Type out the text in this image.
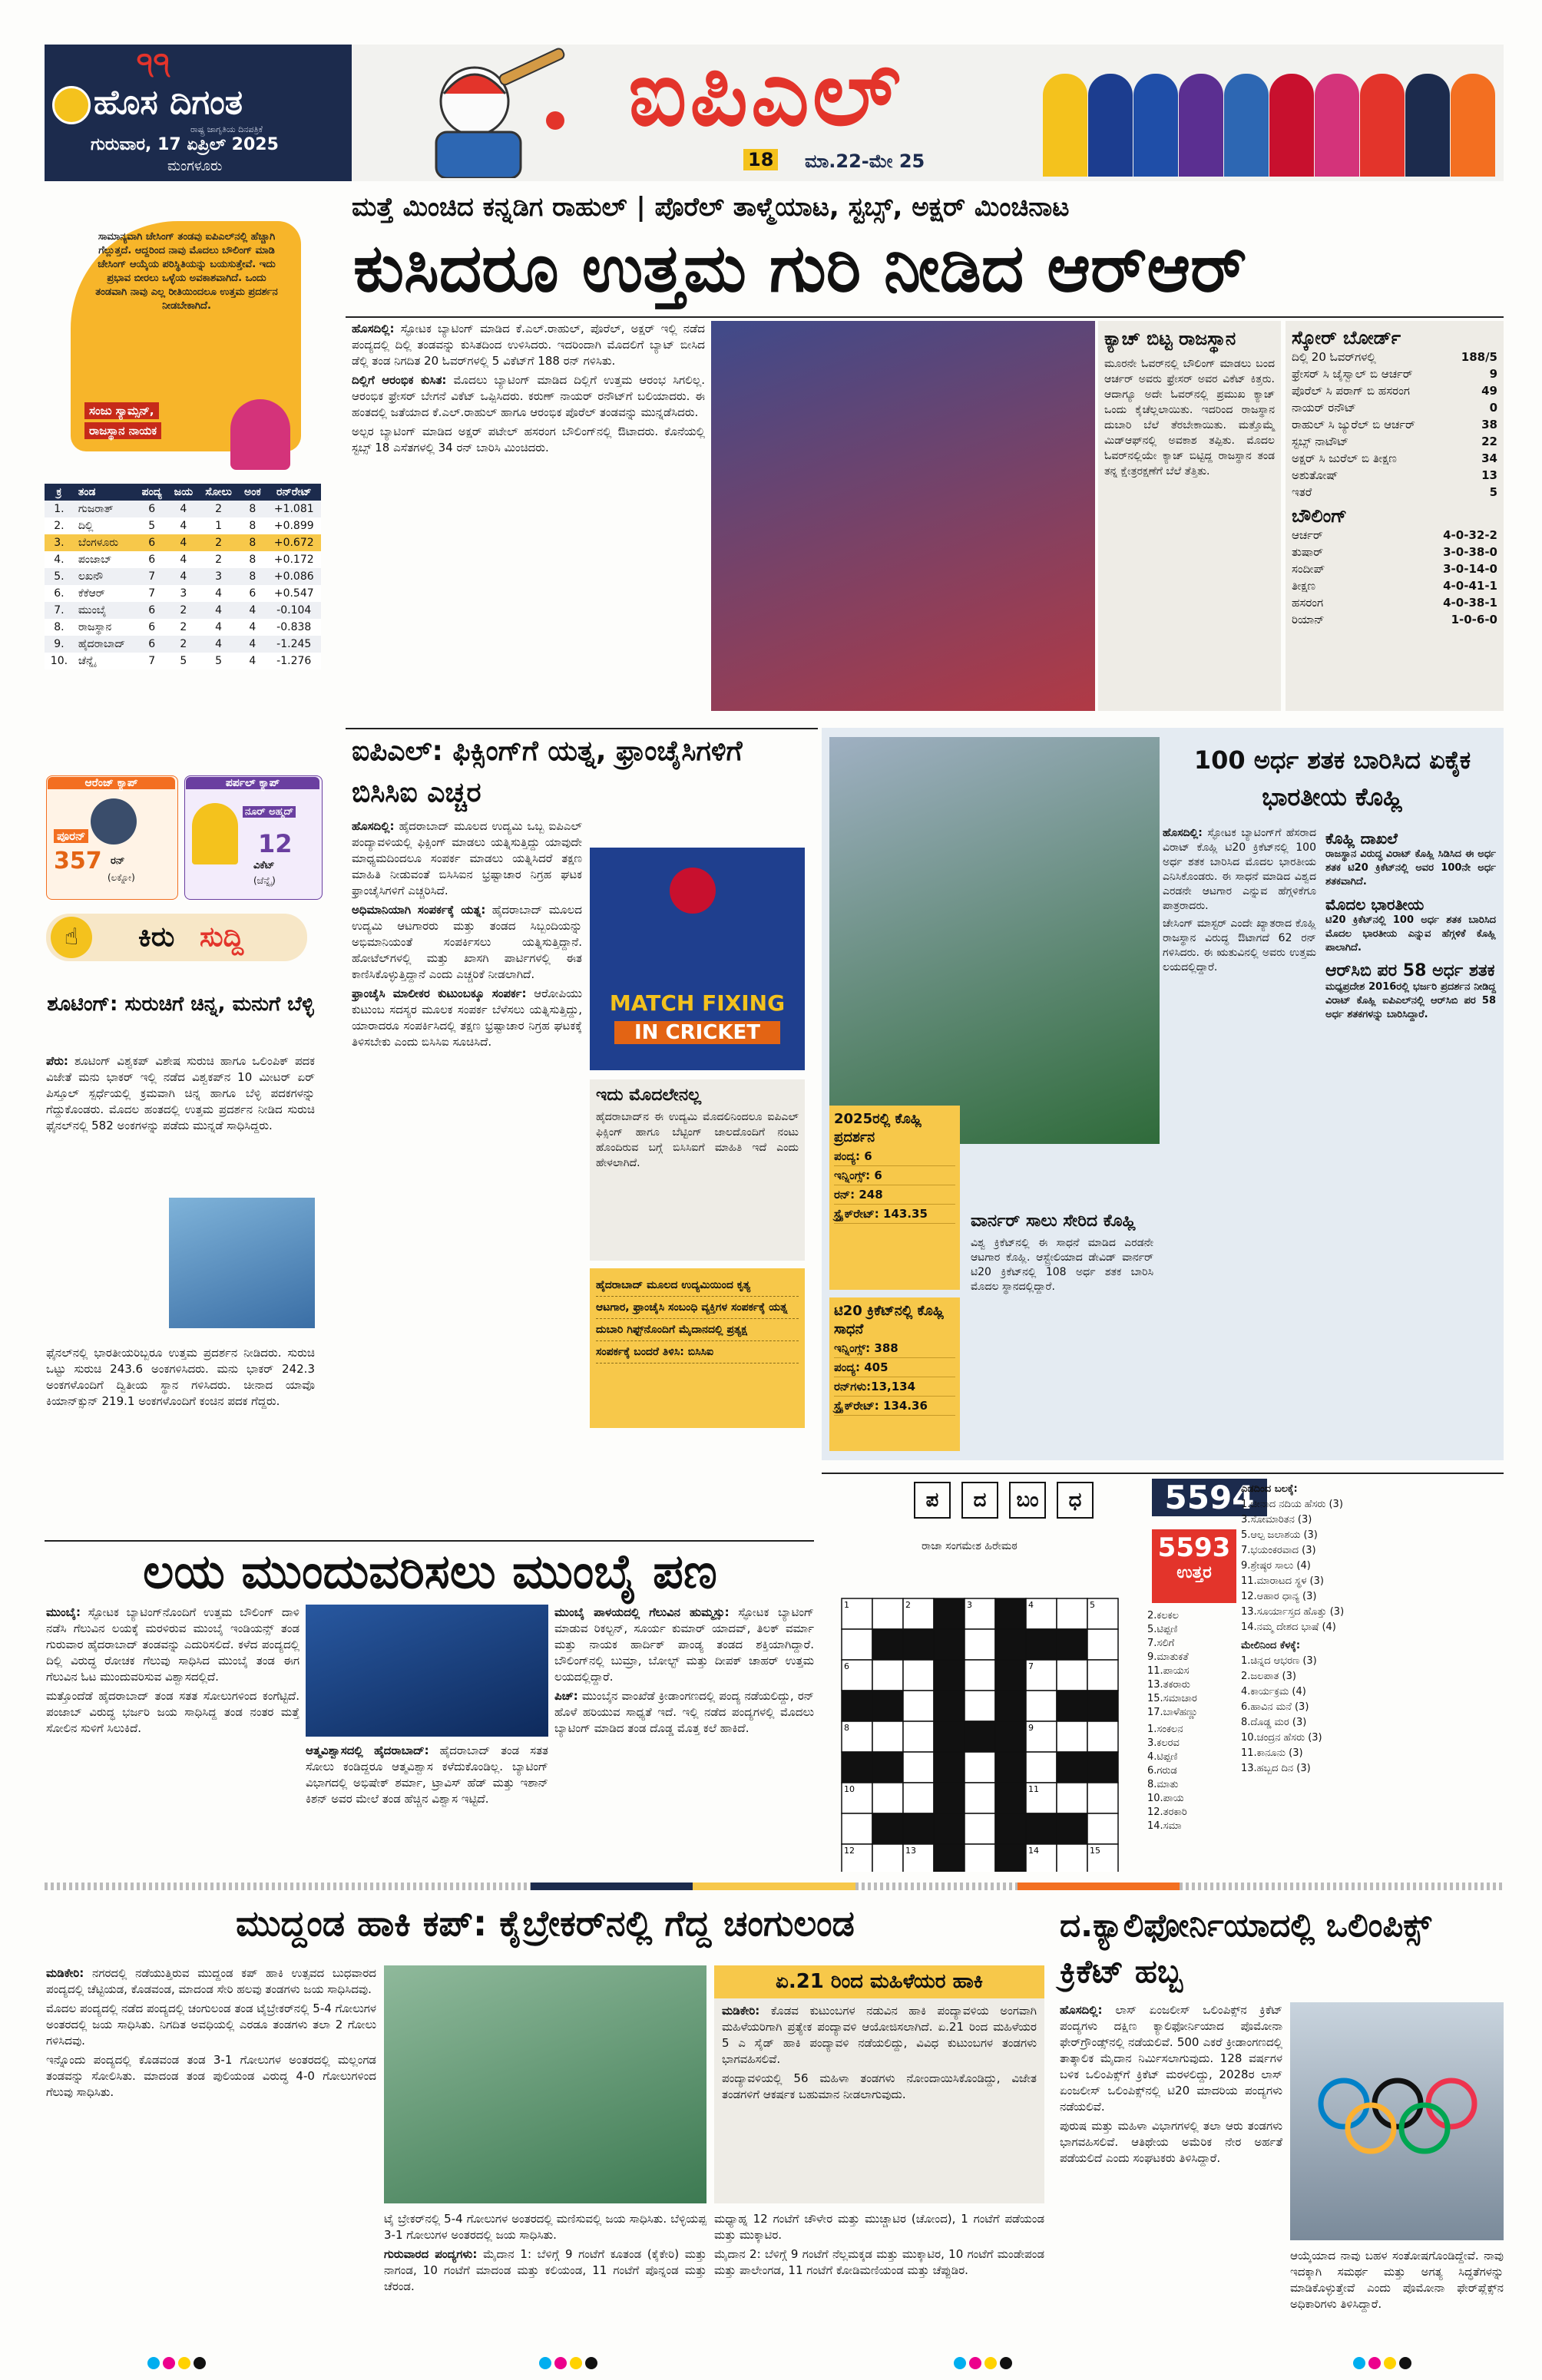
੧੧
ಹೊಸ ದಿಗಂತ
ರಾಷ್ಟ್ರ ಜಾಗೃತಿಯ ದಿನಪತ್ರಿಕೆ
ಗುರುವಾರ, 17 ಏಪ್ರಿಲ್ 2025
ಮಂಗಳೂರು
ಐಪಿಎಲ್
18 ಮಾ.22-ಮೇ 25
ಸಾಮಾನ್ಯವಾಗಿ ಚೇಸಿಂಗ್ ತಂಡವು ಐಪಿಎಲ್‌ನಲ್ಲಿ ಹೆಚ್ಚಾಗಿ ಗೆಲ್ಲುತ್ತದೆ. ಆದ್ದರಿಂದ ನಾವು ಮೊದಲು ಬೌಲಿಂಗ್ ಮಾಡಿ ಚೇಸಿಂಗ್ ಆಯ್ಕೆಯ ಪರಿಸ್ಥಿತಿಯನ್ನು ಬಯಸುತ್ತೇವೆ. ಇದು ಪ್ರಭಾವ ಬೀರಲು ಒಳ್ಳೆಯ ಅವಕಾಶವಾಗಿದೆ. ಒಂದು ತಂಡವಾಗಿ ನಾವು ಎಲ್ಲ ರೀತಿಯಿಂದಲೂ ಉತ್ತಮ ಪ್ರದರ್ಶನ ನೀಡಬೇಕಾಗಿದೆ.
ಸಂಜು ಸ್ಯಾಮ್ಸನ್,
ರಾಜಸ್ಥಾನ ನಾಯಕ
ಕ್ರ	ತಂಡ	ಪಂದ್ಯ	ಜಯ	ಸೋಲು	ಅಂಕ	ರನ್‌ರೇಟ್
1.	ಗುಜರಾತ್	6	4	2	8	+1.081
2.	ದಿಲ್ಲಿ	5	4	1	8	+0.899
3.	ಬೆಂಗಳೂರು	6	4	2	8	+0.672
4.	ಪಂಜಾಬ್	6	4	2	8	+0.172
5.	ಲಖನೌ	7	4	3	8	+0.086
6.	ಕೆಕೆಆರ್	7	3	4	6	+0.547
7.	ಮುಂಬೈ	6	2	4	4	-0.104
8.	ರಾಜಸ್ಥಾನ	6	2	4	4	-0.838
9.	ಹೈದರಾಬಾದ್	6	2	4	4	-1.245
10.	ಚೆನ್ನೈ	7	5	5	4	-1.276
ಆರೆಂಜ್ ಕ್ಯಾಪ್
ಪೂರನ್
357 ರನ್
(ಲಕ್ನೋ)
ಪರ್ಪಲ್ ಕ್ಯಾಪ್
ನೂರ್ ಅಹ್ಮದ್
12
ವಿಕೆಟ್
(ಚೆನ್ನೈ)
☝	ಕಿರು ಸುದ್ದಿ
ಶೂಟಿಂಗ್: ಸುರುಚಿಗೆ ಚಿನ್ನ, ಮನುಗೆ ಬೆಳ್ಳಿ

ಪೆರು: ಶೂಟಿಂಗ್ ವಿಶ್ವಕಪ್ ವಿಶೇಷ ಸುರುಚಿ ಹಾಗೂ ಒಲಿಂಪಿಕ್ ಪದಕ ವಿಜೇತೆ ಮನು ಭಾಕರ್ ಇಲ್ಲಿ ನಡೆದ ವಿಶ್ವಕಪ್‌ನ 10 ಮೀಟರ್ ಏರ್ ಪಿಸ್ತೂಲ್ ಸ್ಪರ್ಧೆಯಲ್ಲಿ ಕ್ರಮವಾಗಿ ಚಿನ್ನ ಹಾಗೂ ಬೆಳ್ಳಿ ಪದಕಗಳನ್ನು ಗೆದ್ದುಕೊಂಡರು. ಮೊದಲ ಹಂತದಲ್ಲಿ ಉತ್ತಮ ಪ್ರದರ್ಶನ ನೀಡಿದ ಸುರುಚಿ ಫೈನಲ್‌ನಲ್ಲಿ 582 ಅಂಕಗಳನ್ನು ಪಡೆದು ಮುನ್ನಡೆ ಸಾಧಿಸಿದ್ದರು.

ಫೈನಲ್‌ನಲ್ಲಿ ಭಾರತೀಯರಿಬ್ಬರೂ ಉತ್ತಮ ಪ್ರದರ್ಶನ ನೀಡಿದರು. ಸುರುಚಿ ಒಟ್ಟು ಸುರುಚಿ 243.6 ಅಂಕಗಳಿಸಿದರು. ಮನು ಭಾಕರ್ 242.3 ಅಂಕಗಳೊಂದಿಗೆ ದ್ವಿತೀಯ ಸ್ಥಾನ ಗಳಿಸಿದರು. ಚೀನಾದ ಯಾವೊ ಕಿಯಾನ್‌ಕ್ಸುನ್ 219.1 ಅಂಕಗಳೊಂದಿಗೆ ಕಂಚಿನ ಪದಕ ಗೆದ್ದರು.
ಮತ್ತೆ ಮಿಂಚಿದ ಕನ್ನಡಿಗ ರಾಹುಲ್ | ಪೊರೆಲ್ ತಾಳ್ಮೆಯಾಟ, ಸ್ಟಬ್ಸ್, ಅಕ್ಷರ್ ಮಿಂಚಿನಾಟ
ಕುಸಿದರೂ ಉತ್ತಮ ಗುರಿ ನೀಡಿದ ಆರ್‌ಆರ್

ಹೊಸದಿಲ್ಲಿ: ಸ್ಫೋಟಕ ಬ್ಯಾಟಿಂಗ್ ಮಾಡಿದ ಕೆ.ಎಲ್.ರಾಹುಲ್, ಪೊರೆಲ್, ಅಕ್ಷರ್ ಇಲ್ಲಿ ನಡೆದ ಪಂದ್ಯದಲ್ಲಿ ದಿಲ್ಲಿ ತಂಡವನ್ನು ಕುಸಿತದಿಂದ ಉಳಿಸಿದರು. ಇದರಿಂದಾಗಿ ಮೊದಲಿಗೆ ಬ್ಯಾಟ್ ಬೀಸಿದ ಡೆಲ್ಲಿ ತಂಡ ನಿಗದಿತ 20 ಓವರ್‌ಗಳಲ್ಲಿ 5 ವಿಕೆಟ್‌ಗೆ 188 ರನ್ ಗಳಿಸಿತು.

ದಿಲ್ಲಿಗೆ ಆರಂಭಿಕ ಕುಸಿತ: ಮೊದಲು ಬ್ಯಾಟಿಂಗ್ ಮಾಡಿದ ದಿಲ್ಲಿಗೆ ಉತ್ತಮ ಆರಂಭ ಸಿಗಲಿಲ್ಲ. ಆರಂಭಿಕ ಫ್ರೇಸರ್ ಬೇಗನೆ ವಿಕೆಟ್ ಒಪ್ಪಿಸಿದರು. ಕರುಣ್ ನಾಯರ್ ರನೌಟ್‌ಗೆ ಬಲಿಯಾದರು. ಈ ಹಂತದಲ್ಲಿ ಜತೆಯಾದ ಕೆ.ಎಲ್.ರಾಹುಲ್ ಹಾಗೂ ಆರಂಭಿಕ ಪೊರೆಲ್ ತಂಡವನ್ನು ಮುನ್ನಡೆಸಿದರು.

ಅಲ್ಪರ ಬ್ಯಾಟಿಂಗ್ ಮಾಡಿದ ಅಕ್ಷರ್ ಪಟೇಲ್ ಹಸರಂಗ ಬೌಲಿಂಗ್‌ನಲ್ಲಿ ಔಟಾದರು. ಕೊನೆಯಲ್ಲಿ ಸ್ಟಬ್ಸ್ 18 ಎಸೆತಗಳಲ್ಲಿ 34 ರನ್ ಬಾರಿಸಿ ಮಿಂಚಿದರು.

ಕ್ಯಾಚ್ ಬಿಟ್ಟ ರಾಜಸ್ಥಾನ
ಮೂರನೇ ಓವರ್‌ನಲ್ಲಿ ಬೌಲಿಂಗ್ ಮಾಡಲು ಬಂದ ಆರ್ಚರ್ ಅವರು ಫ್ರೇಸರ್ ಅವರ ವಿಕೆಟ್ ಕಿತ್ತರು. ಆದಾಗ್ಯೂ ಅದೇ ಓವರ್‌ನಲ್ಲಿ ಪ್ರಮುಖ ಕ್ಯಾಚ್ ಒಂದು ಕೈಚೆಲ್ಲಲಾಯಿತು. ಇದರಿಂದ ರಾಜಸ್ಥಾನ ದುಬಾರಿ ಬೆಲೆ ತೆರಬೇಕಾಯಿತು. ಮತ್ತೊಮ್ಮೆ ಮಿಡ್‌ಆಫ್‌ನಲ್ಲಿ ಅವಕಾಶ ತಪ್ಪಿತು. ಮೊದಲ ಓವರ್‌ನಲ್ಲಿಯೇ ಕ್ಯಾಚ್ ಬಿಟ್ಟಿದ್ದ ರಾಜಸ್ಥಾನ ತಂಡ ತನ್ನ ಕ್ಷೇತ್ರರಕ್ಷಣೆಗೆ ಬೆಲೆ ತೆತ್ತಿತು.
ಸ್ಕೋರ್ ಬೋರ್ಡ್
ದಿಲ್ಲಿ 20 ಓವರ್‌ಗಳಲ್ಲಿ	188/5
ಫ್ರೇಸರ್ ಸಿ ಜೈಸ್ವಾಲ್ ಬಿ ಆರ್ಚರ್	9
ಪೊರೆಲ್ ಸಿ ಪರಾಗ್ ಬಿ ಹಸರಂಗ	49
ನಾಯರ್ ರನೌಟ್	0
ರಾಹುಲ್ ಸಿ ಜ್ಯುರೆಲ್ ಬಿ ಆರ್ಚರ್	38
ಸ್ಟಬ್ಸ್ ನಾಟೌಟ್	22
ಅಕ್ಷರ್ ಸಿ ಜುರೆಲ್ ಬಿ ತೀಕ್ಷಣ	34
ಅಶುತೋಷ್	13
ಇತರೆ	5
ಬೌಲಿಂಗ್
ಆರ್ಚರ್	4-0-32-2
ತುಷಾರ್	3-0-38-0
ಸಂದೀಪ್	3-0-14-0
ತೀಕ್ಷಣ	4-0-41-1
ಹಸರಂಗ	4-0-38-1
ರಿಯಾನ್	1-0-6-0
ಐಪಿಎಲ್: ಫಿಕ್ಸಿಂಗ್‌ಗೆ ಯತ್ನ, ಫ್ರಾಂಚೈಸಿಗಳಿಗೆ ಬಿಸಿಸಿಐ ಎಚ್ಚರ

ಹೊಸದಿಲ್ಲಿ: ಹೈದರಾಬಾದ್ ಮೂಲದ ಉದ್ಯಮಿ ಒಬ್ಬ ಐಪಿಎಲ್ ಪಂದ್ಯಾವಳಿಯಲ್ಲಿ ಫಿಕ್ಸಿಂಗ್ ಮಾಡಲು ಯತ್ನಿಸುತ್ತಿದ್ದು ಯಾವುದೇ ಮಾಧ್ಯಮದಿಂದಲೂ ಸಂಪರ್ಕ ಮಾಡಲು ಯತ್ನಿಸಿದರೆ ತಕ್ಷಣ ಮಾಹಿತಿ ನೀಡುವಂತೆ ಬಿಸಿಸಿಐನ ಭ್ರಷ್ಟಾಚಾರ ನಿಗ್ರಹ ಘಟಕ ಫ್ರಾಂಚೈಸಿಗಳಿಗೆ ಎಚ್ಚರಿಸಿದೆ.

ಅಧಿಮಾನಿಯಾಗಿ ಸಂಪರ್ಕಕ್ಕೆ ಯತ್ನ: ಹೈದರಾಬಾದ್ ಮೂಲದ ಉದ್ಯಮಿ ಆಟಗಾರರು ಮತ್ತು ತಂಡದ ಸಿಬ್ಬಂದಿಯನ್ನು ಅಭಿಮಾನಿಯಂತೆ ಸಂಪರ್ಕಿಸಲು ಯತ್ನಿಸುತ್ತಿದ್ದಾನೆ. ಹೋಟೆಲ್‌ಗಳಲ್ಲಿ ಮತ್ತು ಖಾಸಗಿ ಪಾರ್ಟಿಗಳಲ್ಲಿ ಈತ ಕಾಣಿಸಿಕೊಳ್ಳುತ್ತಿದ್ದಾನೆ ಎಂದು ಎಚ್ಚರಿಕೆ ನೀಡಲಾಗಿದೆ.

ಫ್ರಾಂಚೈಸಿ ಮಾಲೀಕರ ಕುಟುಂಬಕ್ಕೂ ಸಂಪರ್ಕ: ಆರೋಪಿಯು ಕುಟುಂಬ ಸದಸ್ಯರ ಮೂಲಕ ಸಂಪರ್ಕ ಬೆಳೆಸಲು ಯತ್ನಿಸುತ್ತಿದ್ದು, ಯಾರಾದರೂ ಸಂಪರ್ಕಿಸಿದಲ್ಲಿ ತಕ್ಷಣ ಭ್ರಷ್ಟಾಚಾರ ನಿಗ್ರಹ ಘಟಕಕ್ಕೆ ತಿಳಿಸಬೇಕು ಎಂದು ಬಿಸಿಸಿಐ ಸೂಚಿಸಿದೆ.

MATCH FIXING
IN CRICKET
ಇದು ಮೊದಲೇನಲ್ಲ
ಹೈದರಾಬಾದ್‌ನ ಈ ಉದ್ಯಮಿ ಮೊದಲಿನಿಂದಲೂ ಐಪಿಎಲ್ ಫಿಕ್ಸಿಂಗ್ ಹಾಗೂ ಬೆಟ್ಟಿಂಗ್ ಜಾಲದೊಂದಿಗೆ ನಂಟು ಹೊಂದಿರುವ ಬಗ್ಗೆ ಬಿಸಿಸಿಐಗೆ ಮಾಹಿತಿ ಇದೆ ಎಂದು ಹೇಳಲಾಗಿದೆ.
ಹೈದರಾಬಾದ್ ಮೂಲದ ಉದ್ಯಮಿಯಿಂದ ಕೃತ್ಯ
ಆಟಗಾರ, ಫ್ರಾಂಚೈಸಿ ಸಂಬಂಧಿ ವ್ಯಕ್ತಿಗಳ ಸಂಪರ್ಕಕ್ಕೆ ಯತ್ನ
ದುಬಾರಿ ಗಿಫ್ಟ್‌ನೊಂದಿಗೆ ಮೈದಾನದಲ್ಲಿ ಪ್ರತ್ಯಕ್ಷ
ಸಂಪರ್ಕಕ್ಕೆ ಬಂದರೆ ತಿಳಿಸಿ: ಬಿಸಿಸಿಐ
100 ಅರ್ಧ ಶತಕ ಬಾರಿಸಿದ ಏಕೈಕ ಭಾರತೀಯ ಕೊಹ್ಲಿ

ಹೊಸದಿಲ್ಲಿ: ಸ್ಫೋಟಕ ಬ್ಯಾಟಿಂಗ್‌ಗೆ ಹೆಸರಾದ ವಿರಾಟ್ ಕೊಹ್ಲಿ ಟಿ20 ಕ್ರಿಕೆಟ್‌ನಲ್ಲಿ 100 ಅರ್ಧ ಶತಕ ಬಾರಿಸಿದ ಮೊದಲ ಭಾರತೀಯ ಎನಿಸಿಕೊಂಡರು. ಈ ಸಾಧನೆ ಮಾಡಿದ ವಿಶ್ವದ ಎರಡನೇ ಆಟಗಾರ ಎನ್ನುವ ಹೆಗ್ಗಳಿಕೆಗೂ ಪಾತ್ರರಾದರು.

ಚೇಸಿಂಗ್ ಮಾಸ್ಟರ್ ಎಂದೇ ಖ್ಯಾತರಾದ ಕೊಹ್ಲಿ ರಾಜಸ್ಥಾನ ವಿರುದ್ಧ ಔಟಾಗದೆ 62 ರನ್ ಗಳಿಸಿದರು. ಈ ಋತುವಿನಲ್ಲಿ ಅವರು ಉತ್ತಮ ಲಯದಲ್ಲಿದ್ದಾರೆ.

ಕೊಹ್ಲಿ ದಾಖಲೆ
ರಾಜಸ್ಥಾನ ವಿರುದ್ಧ ವಿರಾಟ್ ಕೊಹ್ಲಿ ಸಿಡಿಸಿದ ಈ ಅರ್ಧ ಶತಕ ಟಿ20 ಕ್ರಿಕೆಟ್‌ನಲ್ಲಿ ಅವರ 100ನೇ ಅರ್ಧ ಶತಕವಾಗಿದೆ.
ಮೊದಲ ಭಾರತೀಯ
ಟಿ20 ಕ್ರಿಕೆಟ್‌ನಲ್ಲಿ 100 ಅರ್ಧ ಶತಕ ಬಾರಿಸಿದ ಮೊದಲ ಭಾರತೀಯ ಎನ್ನುವ ಹೆಗ್ಗಳಿಕೆ ಕೊಹ್ಲಿ ಪಾಲಾಗಿದೆ.
ಆರ್‌ಸಿಬಿ ಪರ 58 ಅರ್ಧ ಶತಕ
ಮಧ್ಯಪ್ರದೇಶ 2016ರಲ್ಲಿ ಭರ್ಜರಿ ಪ್ರದರ್ಶನ ನೀಡಿದ್ದ ವಿರಾಟ್ ಕೊಹ್ಲಿ ಐಪಿಎಲ್‌ನಲ್ಲಿ ಆರ್‌ಸಿಬಿ ಪರ 58 ಅರ್ಧ ಶತಕಗಳನ್ನು ಬಾರಿಸಿದ್ದಾರೆ.
2025ರಲ್ಲಿ ಕೊಹ್ಲಿ ಪ್ರದರ್ಶನ
ಪಂದ್ಯ: 6
ಇನ್ನಿಂಗ್ಸ್: 6
ರನ್: 248
ಸ್ಟ್ರೈಕ್‌ರೇಟ್: 143.35
ಟಿ20 ಕ್ರಿಕೆಟ್‌ನಲ್ಲಿ ಕೊಹ್ಲಿ ಸಾಧನೆ
ಇನ್ನಿಂಗ್ಸ್: 388
ಪಂದ್ಯ: 405
ರನ್‌ಗಳು:13,134
ಸ್ಟ್ರೈಕ್‌ರೇಟ್: 134.36
ವಾರ್ನರ್ ಸಾಲು ಸೇರಿದ ಕೊಹ್ಲಿ
ವಿಶ್ವ ಕ್ರಿಕೆಟ್‌ನಲ್ಲಿ ಈ ಸಾಧನೆ ಮಾಡಿದ ಎರಡನೇ ಆಟಗಾರ ಕೊಹ್ಲಿ. ಆಸ್ಟ್ರೇಲಿಯಾದ ಡೇವಿಡ್ ವಾರ್ನರ್ ಟಿ20 ಕ್ರಿಕೆಟ್‌ನಲ್ಲಿ 108 ಅರ್ಧ ಶತಕ ಬಾರಿಸಿ ಮೊದಲ ಸ್ಥಾನದಲ್ಲಿದ್ದಾರೆ.
ಪ	ದ	ಬಂ	ಧ
ರಾಜಾ ಸಂಗಮೇಶ ಹಿರೇಮಠ
5594
5593
ಉತ್ತರ
1	2	3	4	5
6	7
8	9
10	11
12	13	14	15
2.ಕಲಕಲ
5.ಟಿಪ್ಪಣಿ
7.ಸಲಿಗೆ
9.ಮಾತುಕತೆ
11.ಪಾಯಸ
13.ತಕರಾರು
15.ಸಮಾಚಾರ
17.ಬಾಳೆಹಣ್ಣು
1.ಸಂಕಲನ
3.ಕಲರವ
4.ಟಿಪ್ಪಣಿ
6.ಗರುಡ
8.ಮಾತು
10.ಪಾಯ
12.ತರಕಾರಿ
14.ಸಮಾ
ಎಡದಿಂದ ಬಲಕ್ಕೆ:
1.ಚೀನಾದ ನದಿಯ ಹೆಸರು (3)
3.ಸೋಮಾರಿತನ (3)
5.ಆಲ್ಪ ಜಲಾಶಯ (3)
7.ಭಯಂಕರವಾದ (3)
9.ಶ್ರೇಷ್ಠರ ಸಾಲು (4)
11.ಮಾರಾಟದ ಸ್ಥಳ (3)
12.ಆಹಾರ ಧಾನ್ಯ (3)
13.ಸೂರ್ಯಾಸ್ತದ ಹೊತ್ತು (3)
14.ನಮ್ಮ ದೇಶದ ಭಾಷೆ (4)
ಮೇಲಿನಿಂದ ಕೆಳಕ್ಕೆ:
1.ಚಿನ್ನದ ಆಭರಣ (3)
2.ಜಲಪಾತ (3)
4.ಕಾರ್ಯಕ್ರಮ (4)
6.ಹಾವಿನ ಮನೆ (3)
8.ದೊಡ್ಡ ಮರ (3)
10.ಚಂದ್ರನ ಹೆಸರು (3)
11.ಕಾನೂನು (3)
13.ಹಬ್ಬದ ದಿನ (3)
ಲಯ ಮುಂದುವರಿಸಲು ಮುಂಬೈ ಪಣ

ಮುಂಬೈ: ಸ್ಫೋಟಕ ಬ್ಯಾಟಿಂಗ್‌ನೊಂದಿಗೆ ಉತ್ತಮ ಬೌಲಿಂಗ್ ದಾಳಿ ನಡೆಸಿ ಗೆಲುವಿನ ಲಯಕ್ಕೆ ಮರಳಿರುವ ಮುಂಬೈ ಇಂಡಿಯನ್ಸ್ ತಂಡ ಗುರುವಾರ ಹೈದರಾಬಾದ್ ತಂಡವನ್ನು ಎದುರಿಸಲಿದೆ. ಕಳೆದ ಪಂದ್ಯದಲ್ಲಿ ದಿಲ್ಲಿ ವಿರುದ್ಧ ರೋಚಕ ಗೆಲುವು ಸಾಧಿಸಿದ ಮುಂಬೈ ತಂಡ ಈಗ ಗೆಲುವಿನ ಓಟ ಮುಂದುವರಿಸುವ ವಿಶ್ವಾಸದಲ್ಲಿದೆ.

ಮತ್ತೊಂದೆಡೆ ಹೈದರಾಬಾದ್ ತಂಡ ಸತತ ಸೋಲುಗಳಿಂದ ಕಂಗೆಟ್ಟಿದೆ. ಪಂಜಾಬ್ ವಿರುದ್ಧ ಭರ್ಜರಿ ಜಯ ಸಾಧಿಸಿದ್ದ ತಂಡ ನಂತರ ಮತ್ತೆ ಸೋಲಿನ ಸುಳಿಗೆ ಸಿಲುಕಿದೆ.

ಆತ್ಮವಿಶ್ವಾಸದಲ್ಲಿ ಹೈದರಾಬಾದ್: ಹೈದರಾಬಾದ್ ತಂಡ ಸತತ ಸೋಲು ಕಂಡಿದ್ದರೂ ಆತ್ಮವಿಶ್ವಾಸ ಕಳೆದುಕೊಂಡಿಲ್ಲ. ಬ್ಯಾಟಿಂಗ್ ವಿಭಾಗದಲ್ಲಿ ಅಭಿಷೇಕ್ ಶರ್ಮಾ, ಟ್ರಾವಿಸ್ ಹೆಡ್ ಮತ್ತು ಇಶಾನ್ ಕಿಶನ್ ಅವರ ಮೇಲೆ ತಂಡ ಹೆಚ್ಚಿನ ವಿಶ್ವಾಸ ಇಟ್ಟಿದೆ.

ಮುಂಬೈ ಪಾಳಯದಲ್ಲಿ ಗೆಲುವಿನ ಹುಮ್ಮಸ್ಸು: ಸ್ಫೋಟಕ ಬ್ಯಾಟಿಂಗ್ ಮಾಡುವ ರಿಕಲ್ಟನ್, ಸೂರ್ಯ ಕುಮಾರ್ ಯಾದವ್, ತಿಲಕ್ ವರ್ಮಾ ಮತ್ತು ನಾಯಕ ಹಾರ್ದಿಕ್ ಪಾಂಡ್ಯ ತಂಡದ ಶಕ್ತಿಯಾಗಿದ್ದಾರೆ. ಬೌಲಿಂಗ್‌ನಲ್ಲಿ ಬುಮ್ರಾ, ಬೋಲ್ಟ್ ಮತ್ತು ದೀಪಕ್ ಚಾಹರ್ ಉತ್ತಮ ಲಯದಲ್ಲಿದ್ದಾರೆ.

ಪಿಚ್: ಮುಂಬೈನ ವಾಂಖೆಡೆ ಕ್ರೀಡಾಂಗಣದಲ್ಲಿ ಪಂದ್ಯ ನಡೆಯಲಿದ್ದು, ರನ್ ಹೊಳೆ ಹರಿಯುವ ಸಾಧ್ಯತೆ ಇದೆ. ಇಲ್ಲಿ ನಡೆದ ಪಂದ್ಯಗಳಲ್ಲಿ ಮೊದಲು ಬ್ಯಾಟಿಂಗ್ ಮಾಡಿದ ತಂಡ ದೊಡ್ಡ ಮೊತ್ತ ಕಲೆ ಹಾಕಿದೆ.

ಮುದ್ದಂಡ ಹಾಕಿ ಕಪ್: ಕೈಬ್ರೇಕರ್‌ನಲ್ಲಿ ಗೆದ್ದ ಚಂಗುಲಂಡ

ಮಡಿಕೇರಿ: ನಗರದಲ್ಲಿ ನಡೆಯುತ್ತಿರುವ ಮುದ್ದಂಡ ಕಪ್ ಹಾಕಿ ಉತ್ಸವದ ಬುಧವಾರದ ಪಂದ್ಯದಲ್ಲಿ ಚೆಟ್ಟಿಯಡ, ಕೊಡವಂಡ, ಮಾದಂಡ ಸೇರಿ ಹಲವು ತಂಡಗಳು ಜಯ ಸಾಧಿಸಿದವು.

ಮೊದಲ ಪಂದ್ಯದಲ್ಲಿ ನಡೆದ ಪಂದ್ಯದಲ್ಲಿ ಚಂಗುಲಂಡ ತಂಡ ಟೈಬ್ರೇಕರ್‌ನಲ್ಲಿ 5-4 ಗೋಲುಗಳ ಅಂತರದಲ್ಲಿ ಜಯ ಸಾಧಿಸಿತು. ನಿಗದಿತ ಅವಧಿಯಲ್ಲಿ ಎರಡೂ ತಂಡಗಳು ತಲಾ 2 ಗೋಲು ಗಳಿಸಿದವು.

ಇನ್ನೊಂದು ಪಂದ್ಯದಲ್ಲಿ ಕೊಡವಂಡ ತಂಡ 3-1 ಗೋಲುಗಳ ಅಂತರದಲ್ಲಿ ಮಲ್ಲಂಗಡ ತಂಡವನ್ನು ಸೋಲಿಸಿತು. ಮಾದಂಡ ತಂಡ ಪುಲಿಯಂಡ ವಿರುದ್ಧ 4-0 ಗೋಲುಗಳಿಂದ ಗೆಲುವು ಸಾಧಿಸಿತು.

ಟೈ ಬ್ರೇಕರ್‌ನಲ್ಲಿ 5-4 ಗೋಲುಗಳ ಅಂತರದಲ್ಲಿ ಮಣಿಸುವಲ್ಲಿ ಜಯ ಸಾಧಿಸಿತು. ಬೆಳ್ಳಿಯಪ್ಪ 3-1 ಗೋಲುಗಳ ಅಂತರದಲ್ಲಿ ಜಯ ಸಾಧಿಸಿತು.

ಗುರುವಾರದ ಪಂದ್ಯಗಳು: ಮೈದಾನ 1: ಬೆಳಿಗ್ಗೆ 9 ಗಂಟೆಗೆ ಕೂತಂಡ (ಕೈಕೇರಿ) ಮತ್ತು ನಾಗಂಡ, 10 ಗಂಟೆಗೆ ಮಾದಂಡ ಮತ್ತು ಕಲಿಯಂಡ, 11 ಗಂಟೆಗೆ ಪೊನ್ನಂಡ ಮತ್ತು ಚೆರಂಡ.

ಏ.21 ರಿಂದ ಮಹಿಳೆಯರ ಹಾಕಿ

ಮಡಿಕೇರಿ: ಕೊಡವ ಕುಟುಂಬಗಳ ನಡುವಿನ ಹಾಕಿ ಪಂದ್ಯಾವಳಿಯ ಅಂಗವಾಗಿ ಮಹಿಳೆಯರಿಗಾಗಿ ಪ್ರತ್ಯೇಕ ಪಂದ್ಯಾವಳಿ ಆಯೋಜಿಸಲಾಗಿದೆ. ಏ.21 ರಿಂದ ಮಹಿಳೆಯರ 5 ಎ ಸೈಡ್ ಹಾಕಿ ಪಂದ್ಯಾವಳಿ ನಡೆಯಲಿದ್ದು, ವಿವಿಧ ಕುಟುಂಬಗಳ ತಂಡಗಳು ಭಾಗವಹಿಸಲಿವೆ.

ಪಂದ್ಯಾವಳಿಯಲ್ಲಿ 56 ಮಹಿಳಾ ತಂಡಗಳು ನೋಂದಾಯಿಸಿಕೊಂಡಿದ್ದು, ವಿಜೇತ ತಂಡಗಳಿಗೆ ಆಕರ್ಷಕ ಬಹುಮಾನ ನೀಡಲಾಗುವುದು.

ಮಧ್ಯಾಹ್ನ 12 ಗಂಟೆಗೆ ಚೌಳೇರ ಮತ್ತು ಮುಚ್ಚಾಟಿರ (ಚೋಂದ), 1 ಗಂಟೆಗೆ ಪಡೆಯಂಡ ಮತ್ತು ಮುಕ್ಕಾಟಿರ.

ಮೈದಾನ 2: ಬೆಳಿಗ್ಗೆ 9 ಗಂಟೆಗೆ ನೆಲ್ಲಮಕ್ಕಡ ಮತ್ತು ಮುಕ್ಕಾಟಿರ, 10 ಗಂಟೆಗೆ ಮಂಡೇಪಂಡ ಮತ್ತು ಪಾಲೇಂಗಡ, 11 ಗಂಟೆಗೆ ಕೋಡಿಮಣಿಯಂಡ ಮತ್ತು ಚೆಪ್ಪುಡಿರ.

ದ.ಕ್ಯಾಲಿಫೋರ್ನಿಯಾದಲ್ಲಿ ಒಲಿಂಪಿಕ್ಸ್ ಕ್ರಿಕೆಟ್ ಹಬ್ಬ

ಹೊಸದಿಲ್ಲಿ: ಲಾಸ್ ಏಂಜಲೀಸ್ ಒಲಿಂಪಿಕ್ಸ್‌ನ ಕ್ರಿಕೆಟ್ ಪಂದ್ಯಗಳು ದಕ್ಷಿಣ ಕ್ಯಾಲಿಫೋರ್ನಿಯಾದ ಪೊಮೋನಾ ಫೇರ್‌ಗ್ರೌಂಡ್ಸ್‌ನಲ್ಲಿ ನಡೆಯಲಿವೆ. 500 ಎಕರೆ ಕ್ರೀಡಾಂಗಣದಲ್ಲಿ ತಾತ್ಕಾಲಿಕ ಮೈದಾನ ನಿರ್ಮಿಸಲಾಗುವುದು. 128 ವರ್ಷಗಳ ಬಳಿಕ ಒಲಿಂಪಿಕ್ಸ್‌ಗೆ ಕ್ರಿಕೆಟ್ ಮರಳಲಿದ್ದು, 2028ರ ಲಾಸ್ ಏಂಜಲೀಸ್ ಒಲಿಂಪಿಕ್ಸ್‌ನಲ್ಲಿ ಟಿ20 ಮಾದರಿಯ ಪಂದ್ಯಗಳು ನಡೆಯಲಿವೆ.

ಪುರುಷ ಮತ್ತು ಮಹಿಳಾ ವಿಭಾಗಗಳಲ್ಲಿ ತಲಾ ಆರು ತಂಡಗಳು ಭಾಗವಹಿಸಲಿವೆ. ಆತಿಥೇಯ ಅಮೆರಿಕ ನೇರ ಅರ್ಹತೆ ಪಡೆಯಲಿದೆ ಎಂದು ಸಂಘಟಕರು ತಿಳಿಸಿದ್ದಾರೆ.

ಆಯ್ಕೆಯಾದ ನಾವು ಬಹಳ ಸಂತೋಷಗೊಂಡಿದ್ದೇವೆ. ನಾವು ಇದಕ್ಕಾಗಿ ಸಮರ್ಥ ಮತ್ತು ಅಗತ್ಯ ಸಿದ್ಧತೆಗಳನ್ನು ಮಾಡಿಕೊಳ್ಳುತ್ತೇವೆ ಎಂದು ಪೊಮೋನಾ ಫೇರ್‌ಪ್ಲೆಕ್ಸ್‌ನ ಅಧಿಕಾರಿಗಳು ತಿಳಿಸಿದ್ದಾರೆ.
